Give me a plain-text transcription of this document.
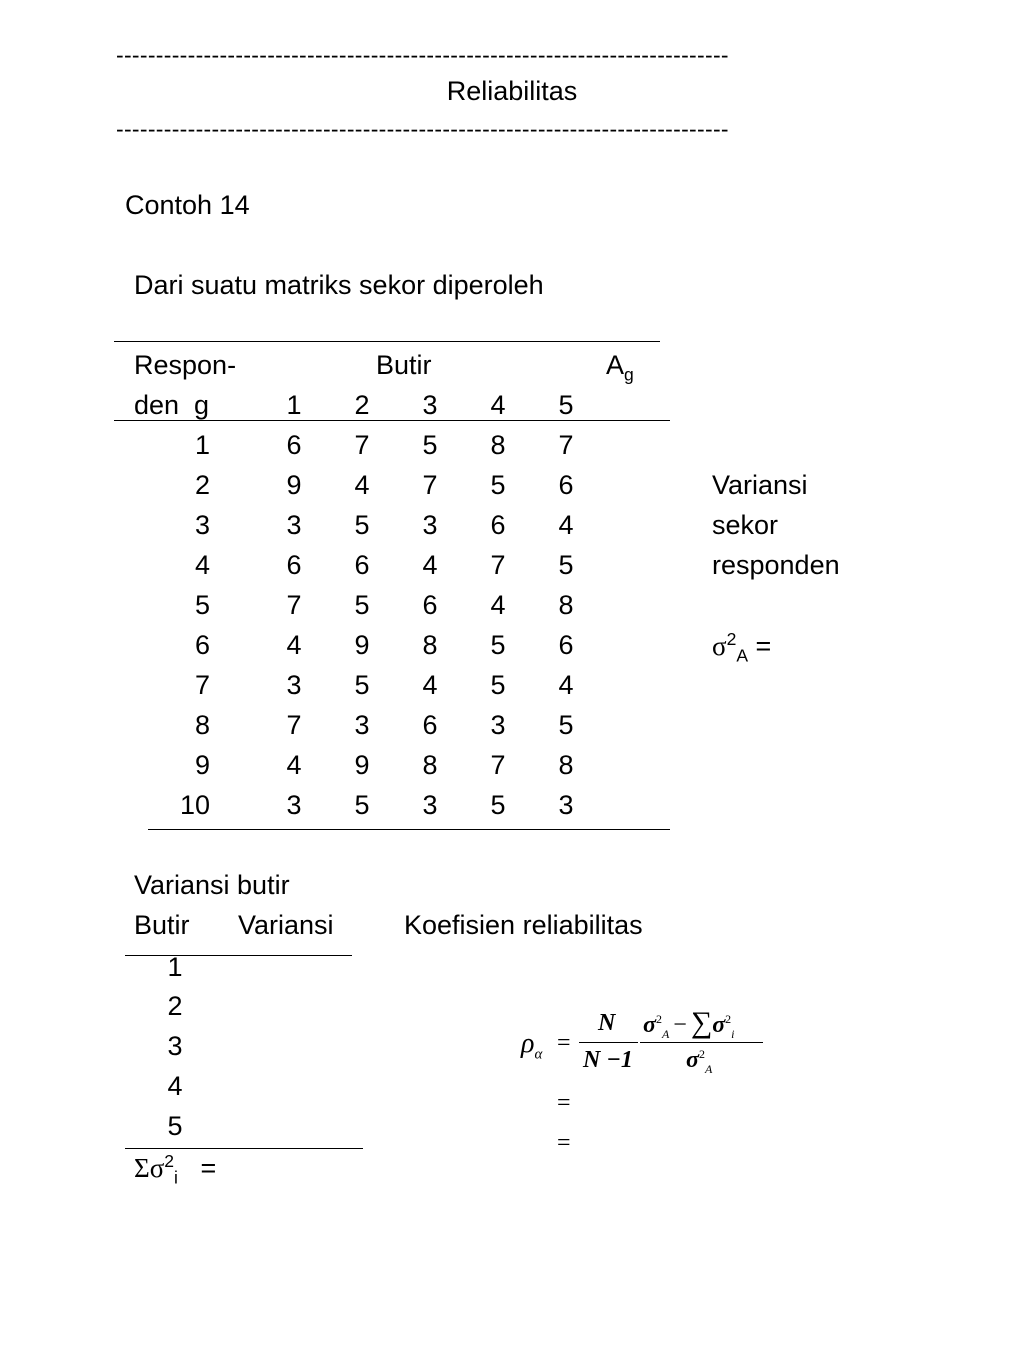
-----------------------------------------------------------------------------
Reliabilitas
-----------------------------------------------------------------------------
Contoh 14
Dari suatu matriks sekor diperoleh
Respon-	Butir	$A_g$
den  g	1	2	3	4	5
1	6	7	5	8	7
2	9	4	7	5	6
3	3	5	3	6	4
4	6	6	4	7	5
5	7	5	6	4	8
6	4	9	8	5	6
7	3	5	4	5	4
8	7	3	6	3	5
9	4	9	8	7	8
10	3	5	3	5	3
Variansi
sekor
responden
$\sigma^2_A$ =
Variansi butir
Butir Variansi
1
2
3
4
5
$\Sigma\sigma^2_i$   =
Koefisien reliabilitas
$\rho_\alpha$ =
N
N −1
$\sigma^2_A - \sum\sigma^2_i$
$\sigma^2_A$
=
=
